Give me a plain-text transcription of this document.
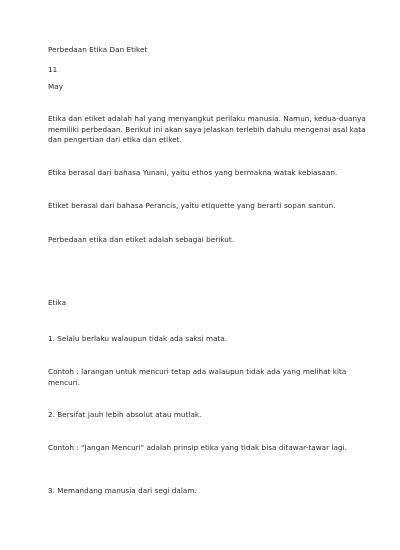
Perbedaan Etika Dan Etiket

11

May

Etika dan etiket adalah hal yang menyangkut perilaku manusia. Namun, kedua-duanya memiliki perbedaan. Berikut ini akan saya jelaskan terlebih dahulu mengenai asal kata dan pengertian dari etika dan etiket.

Etika berasal dari bahasa Yunani, yaitu ethos yang bermakna watak kebiasaan.

Etiket berasal dari bahasa Perancis, yaitu etiquette yang berarti sopan santun.

Perbedaan etika dan etiket adalah sebagai berikut.

Etika

1. Selalu berlaku walaupun tidak ada saksi mata.

Contoh : larangan untuk mencuri tetap ada walaupun tidak ada yang melihat kita mencuri.

2. Bersifat jauh lebih absolut atau mutlak.

Contoh : "Jangan Mencuri" adalah prinsip etika yang tidak bisa ditawar-tawar lagi.

3. Memandang manusia dari segi dalam.
